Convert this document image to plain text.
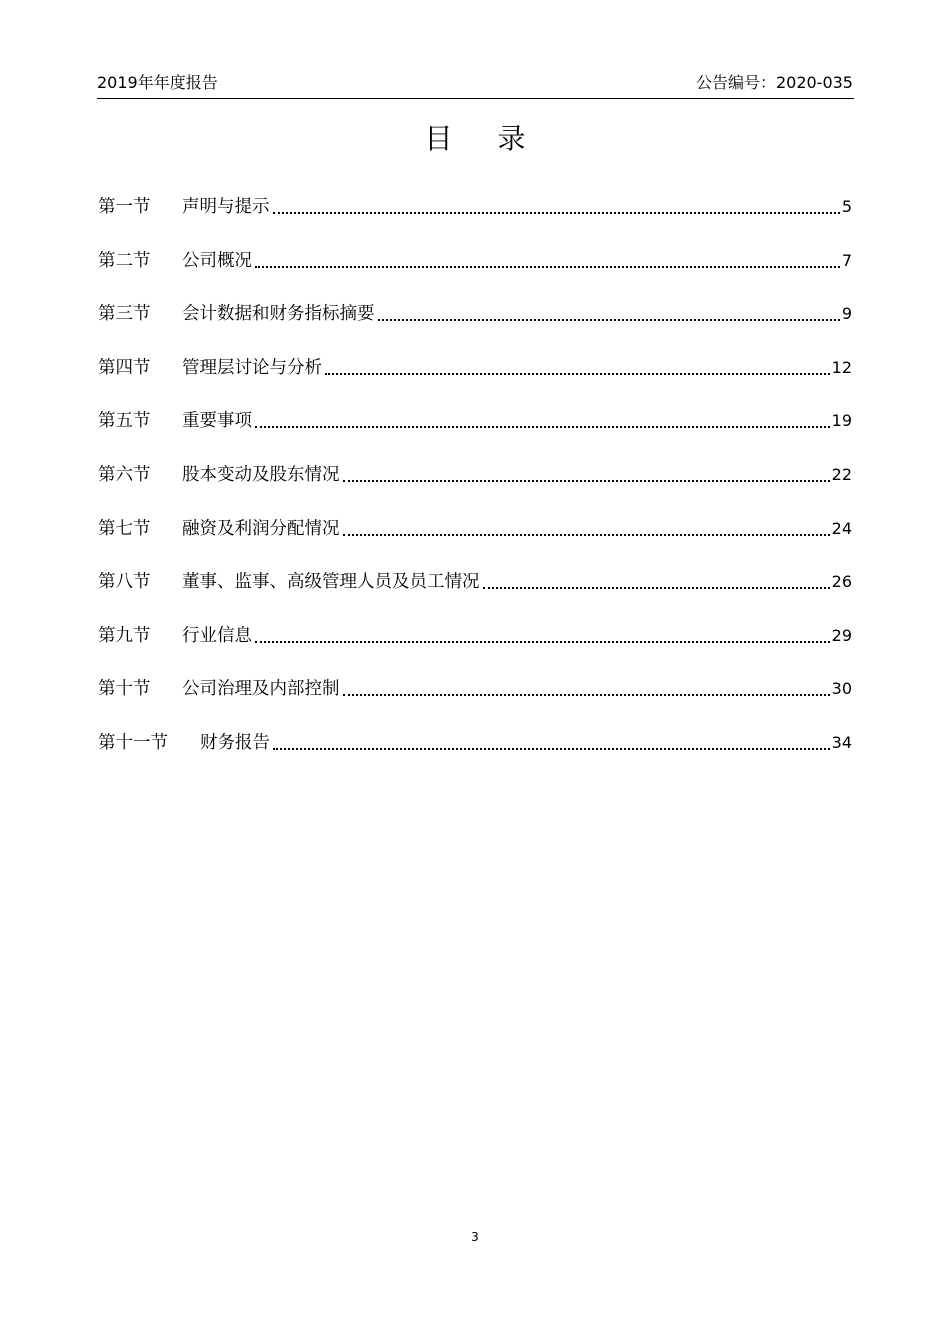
2019年年度报告	公告编号：2020-035
目 录
第一节	声明与提示	5
第二节	公司概况	7
第三节	会计数据和财务指标摘要	9
第四节	管理层讨论与分析	12
第五节	重要事项	19
第六节	股本变动及股东情况	22
第七节	融资及利润分配情况	24
第八节	董事、监事、高级管理人员及员工情况	26
第九节	行业信息	29
第十节	公司治理及内部控制	30
第十一节	财务报告	34
3
